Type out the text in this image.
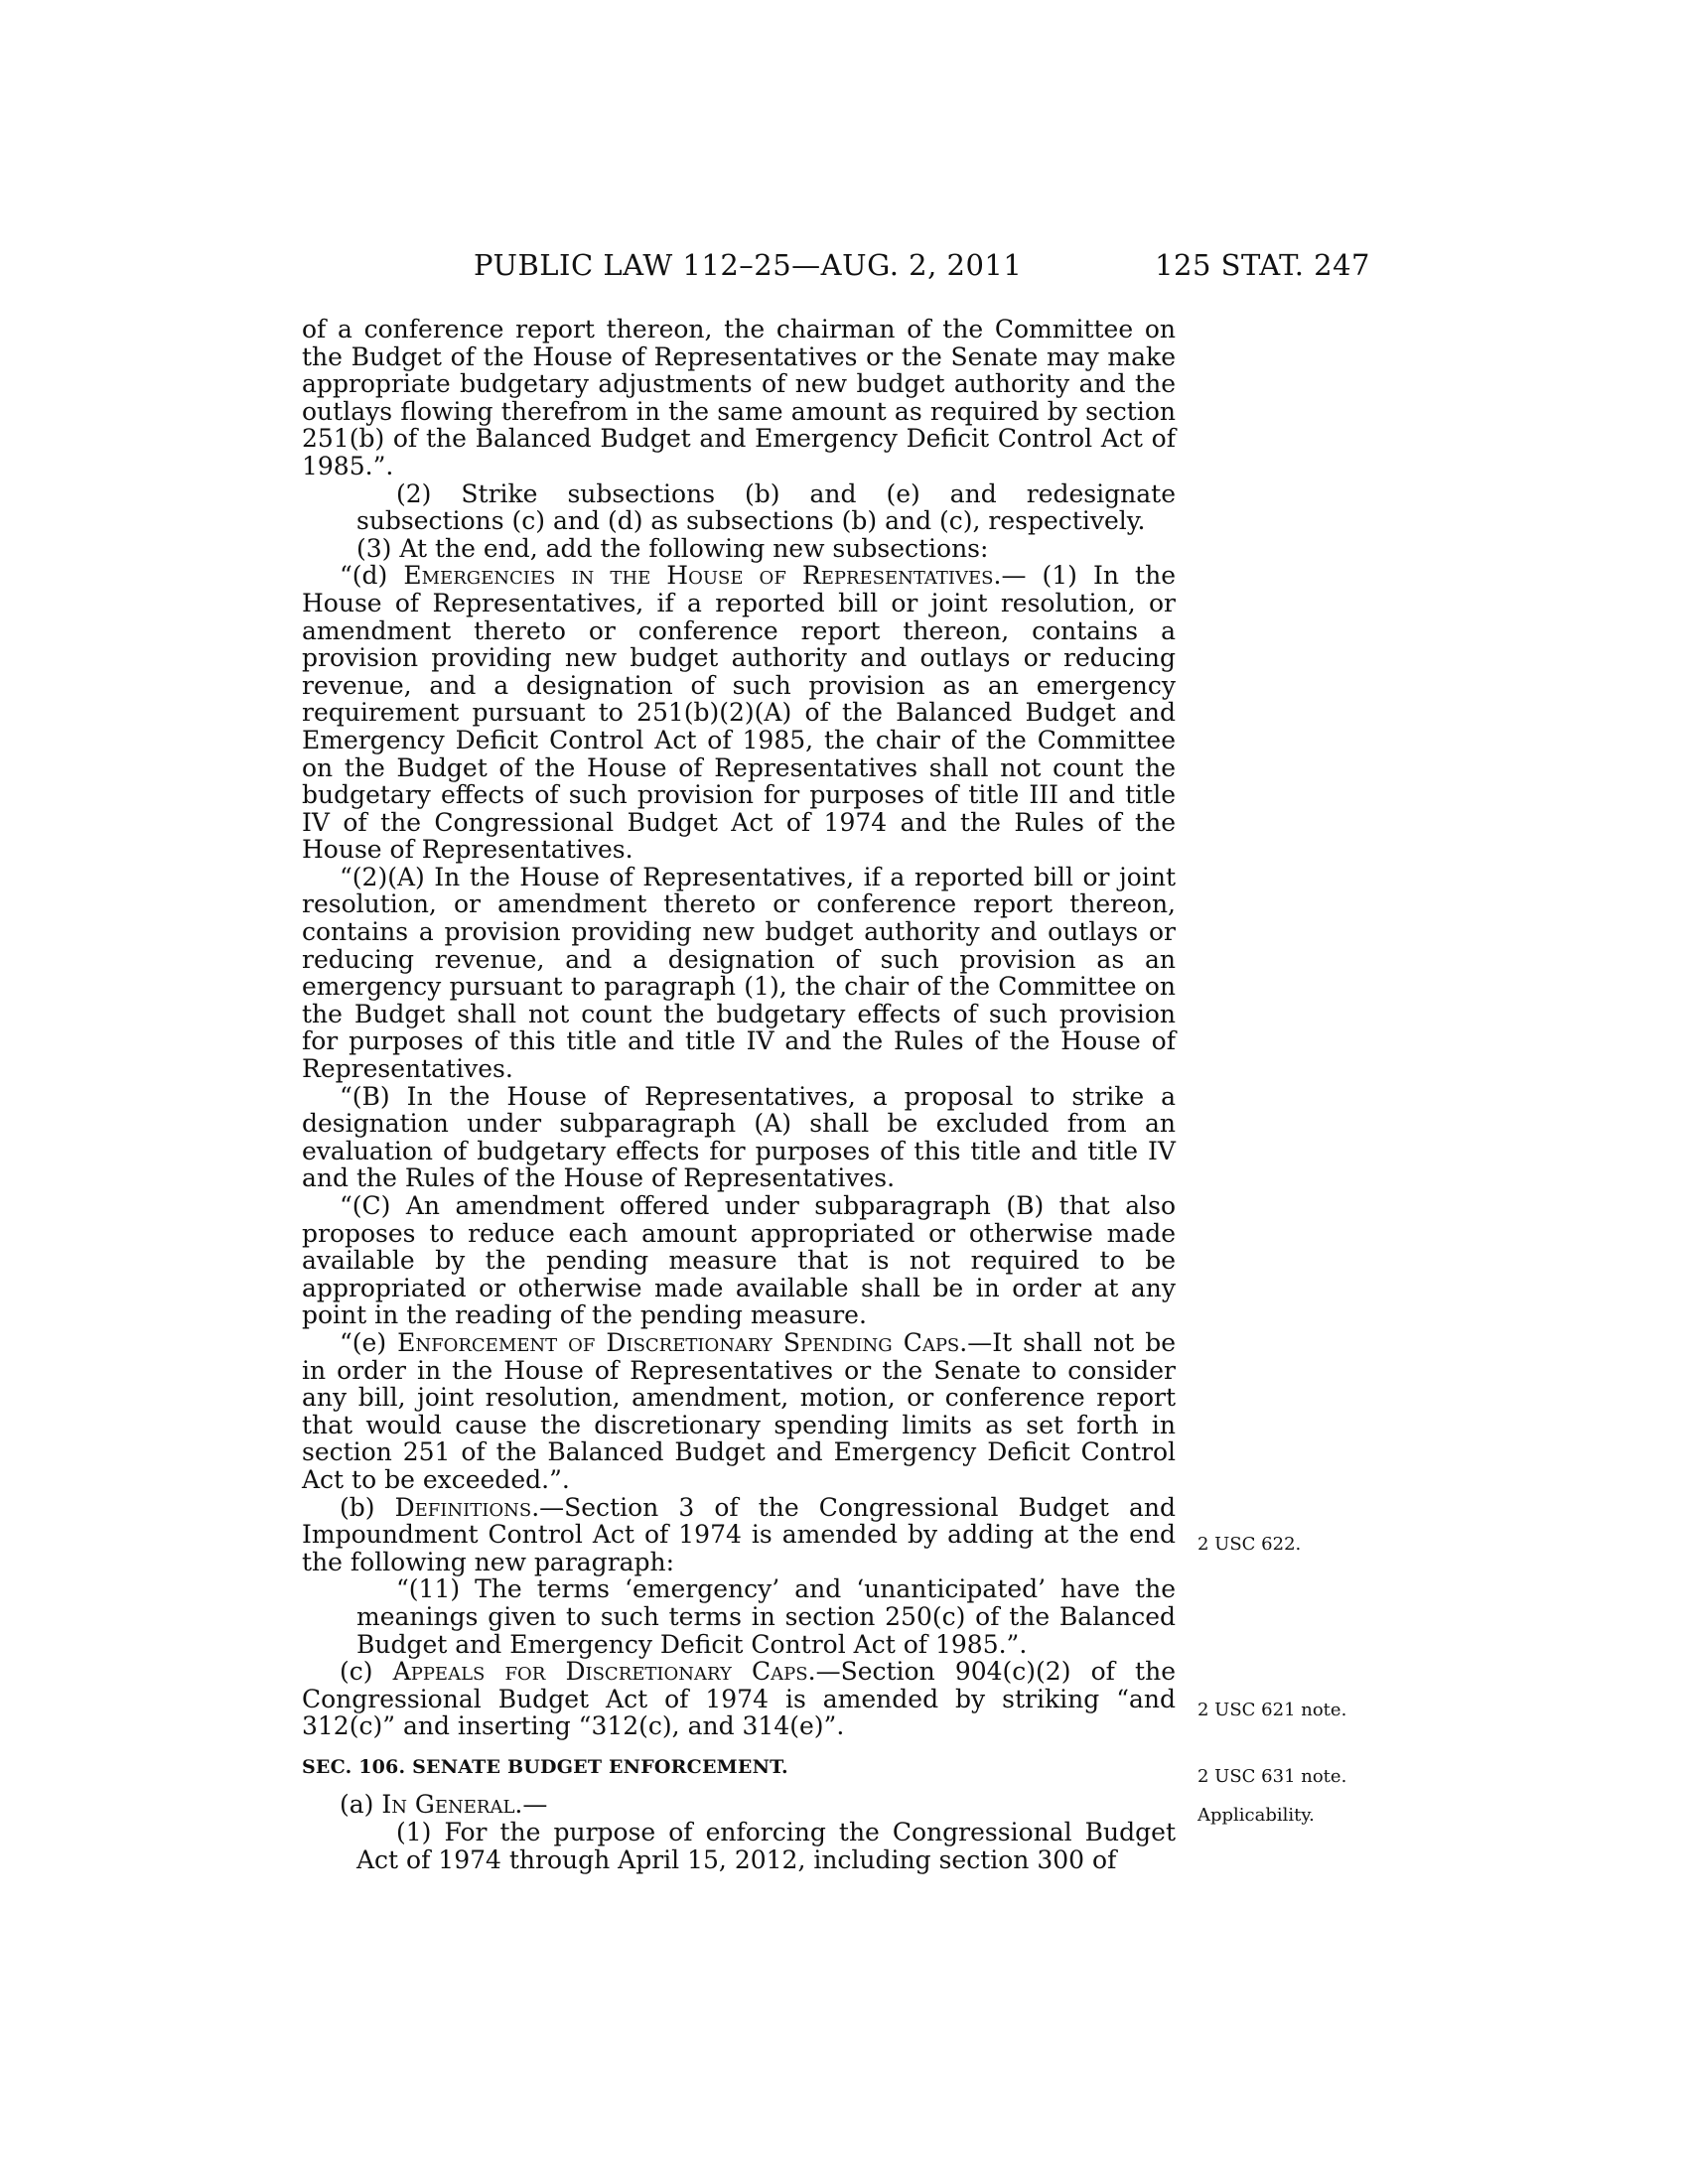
PUBLIC LAW 112–25—AUG. 2, 2011	125 STAT. 247

of a conference report thereon, the chairman of the Committee on the Budget of the House of Representatives or the Senate may make appropriate budgetary adjustments of new budget authority and the outlays flowing therefrom in the same amount as required by section 251(b) of the Balanced Budget and Emergency Deficit Control Act of 1985.”.

(2) Strike subsections (b) and (e) and redesignate subsections (c) and (d) as subsections (b) and (c), respectively.

(3) At the end, add the following new subsections:

“(d) Emergencies in the House of Representatives.— (1) In the House of Representatives, if a reported bill or joint resolution, or amendment thereto or conference report thereon, contains a provision providing new budget authority and outlays or reducing revenue, and a designation of such provision as an emergency requirement pursuant to 251(b)(2)(A) of the Balanced Budget and Emergency Deficit Control Act of 1985, the chair of the Committee on the Budget of the House of Representatives shall not count the budgetary effects of such provision for purposes of title III and title IV of the Congressional Budget Act of 1974 and the Rules of the House of Representatives.

“(2)(A) In the House of Representatives, if a reported bill or joint resolution, or amendment thereto or conference report thereon, contains a provision providing new budget authority and outlays or reducing revenue, and a designation of such provision as an emergency pursuant to paragraph (1), the chair of the Committee on the Budget shall not count the budgetary effects of such provision for purposes of this title and title IV and the Rules of the House of Representatives.

“(B) In the House of Representatives, a proposal to strike a designation under subparagraph (A) shall be excluded from an evaluation of budgetary effects for purposes of this title and title IV and the Rules of the House of Representatives.

“(C) An amendment offered under subparagraph (B) that also proposes to reduce each amount appropriated or otherwise made available by the pending measure that is not required to be appropriated or otherwise made available shall be in order at any point in the reading of the pending measure.

“(e) Enforcement of Discretionary Spending Caps.—It shall not be in order in the House of Representatives or the Senate to consider any bill, joint resolution, amendment, motion, or conference report that would cause the discretionary spending limits as set forth in section 251 of the Balanced Budget and Emergency Deficit Control Act to be exceeded.”.

(b) Definitions.—Section 3 of the Congressional Budget and Impoundment Control Act of 1974 is amended by adding at the end the following new paragraph:

“(11) The terms ‘emergency’ and ‘unanticipated’ have the meanings given to such terms in section 250(c) of the Balanced Budget and Emergency Deficit Control Act of 1985.”.

(c) Appeals for Discretionary Caps.—Section 904(c)(2) of the Congressional Budget Act of 1974 is amended by striking “and 312(c)” and inserting “312(c), and 314(e)”.

SEC. 106. SENATE BUDGET ENFORCEMENT.

(a) In General.—

(1) For the purpose of enforcing the Congressional Budget Act of 1974 through April 15, 2012, including section 300 of

2 USC 622.
2 USC 621 note.
2 USC 631 note.
Applicability.
